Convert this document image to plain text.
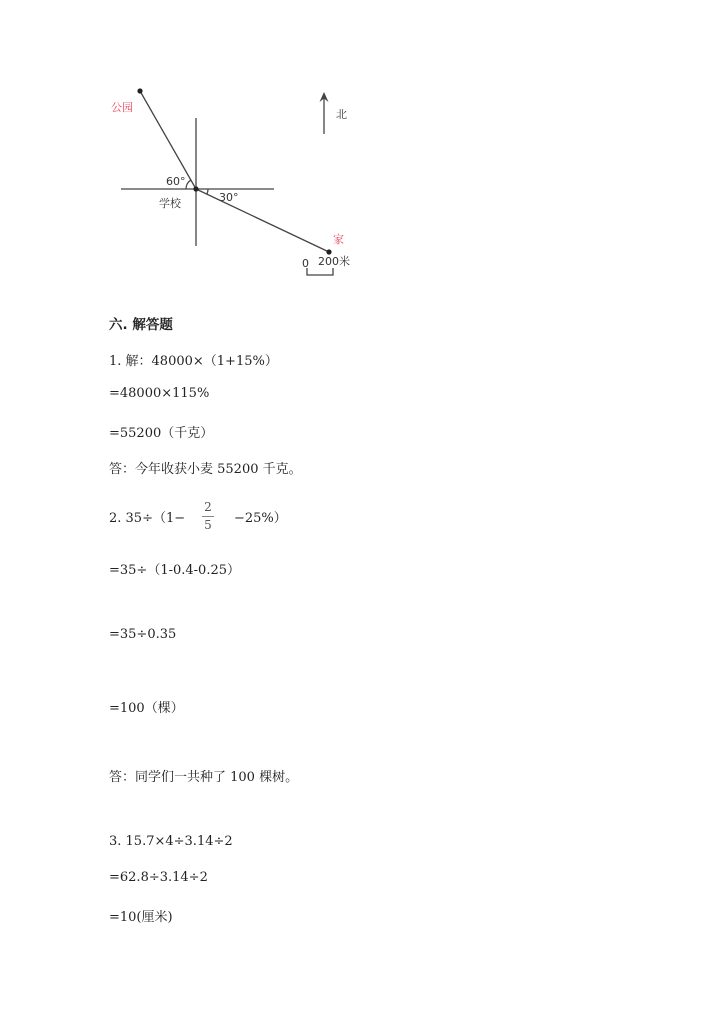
公园
家
学校
北
60°
30°
0 200米
六. 解答题
1. 解：48000×（1+15%）
=48000×115%
=55200（千克）
答：今年收获小麦 55200 千克。
2. 35÷（1−
2
5	−25%）
=35÷（1-0.4-0.25）
=35÷0.35
=100（棵）
答：同学们一共种了 100 棵树。
3. 15.7×4÷3.14÷2
=62.8÷3.14÷2
=10(厘米)
